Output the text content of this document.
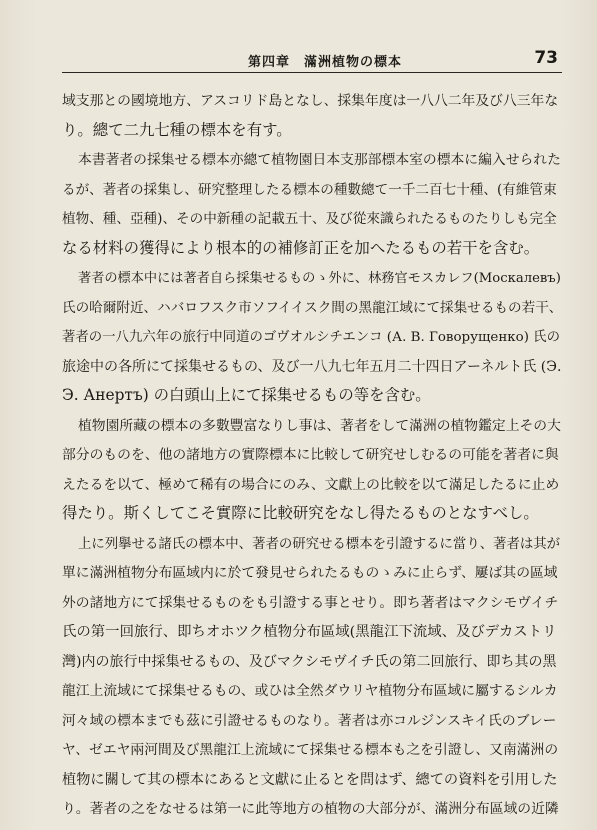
第四章　滿洲植物の標本	73
域支那との國境地方、アスコリド島となし、採集年度は一八八二年及び八三年な
り。總て二九七種の標本を有す。
本書著者の採集せる標本亦總て植物園日本支那部標本室の標本に編入せられた
るが、著者の採集し、研究整理したる標本の種數總て一千二百七十種、(有維管束
植物、種、亞種)、その中新種の記載五十、及び從來識られたるものたりしも完全
なる材料の獲得により根本的の補修訂正を加へたるもの若干を含む。
著者の標本中には著者自ら採集せるものゝ外に、林務官モスカレフ(Москалевъ)
氏の哈爾附近、ハバロフスク市ソフイイスク間の黑龍江域にて採集せるもの若干、
著者の一八九六年の旅行中同道のゴヴオルシチエンコ (А. В. Говорущенко) 氏の
旅途中の各所にて採集せるもの、及び一八九七年五月二十四日アーネルト氏 (Э.
Э. Анертъ) の白頭山上にて採集せるもの等を含む。
植物園所藏の標本の多數豐富なりし事は、著者をして滿洲の植物鑑定上その大
部分のものを、他の諸地方の實際標本に比較して研究せしむるの可能を著者に與
えたるを以て、極めて稀有の場合にのみ、文獻上の比較を以て滿足したるに止め
得たり。斯くしてこそ實際に比較研究をなし得たるものとなすべし。
上に列擧せる諸氏の標本中、著者の研究せる標本を引證するに當り、著者は其が
單に滿洲植物分布區域内に於て發見せられたるものゝみに止らず、屢ば其の區域
外の諸地方にて採集せるものをも引證する事とせり。即ち著者はマクシモヴイチ
氏の第一回旅行、即ちオホツク植物分布區域(黑龍江下流域、及びデカストリ
灣)内の旅行中採集せるもの、及びマクシモヴイチ氏の第二回旅行、即ち其の黑
龍江上流域にて採集せるもの、或ひは全然ダウリヤ植物分布區域に屬するシルカ
河々域の標本までも茲に引證せるものなり。著者は亦コルジンスキイ氏のブレー
ヤ、ゼエヤ兩河間及び黑龍江上流域にて採集せる標本も之を引證し、又南滿洲の
植物に關して其の標本にあると文獻に止るとを問はず、總ての資料を引用した
り。著者の之をなせるは第一に此等地方の植物の大部分が、滿洲分布區域の近隣
